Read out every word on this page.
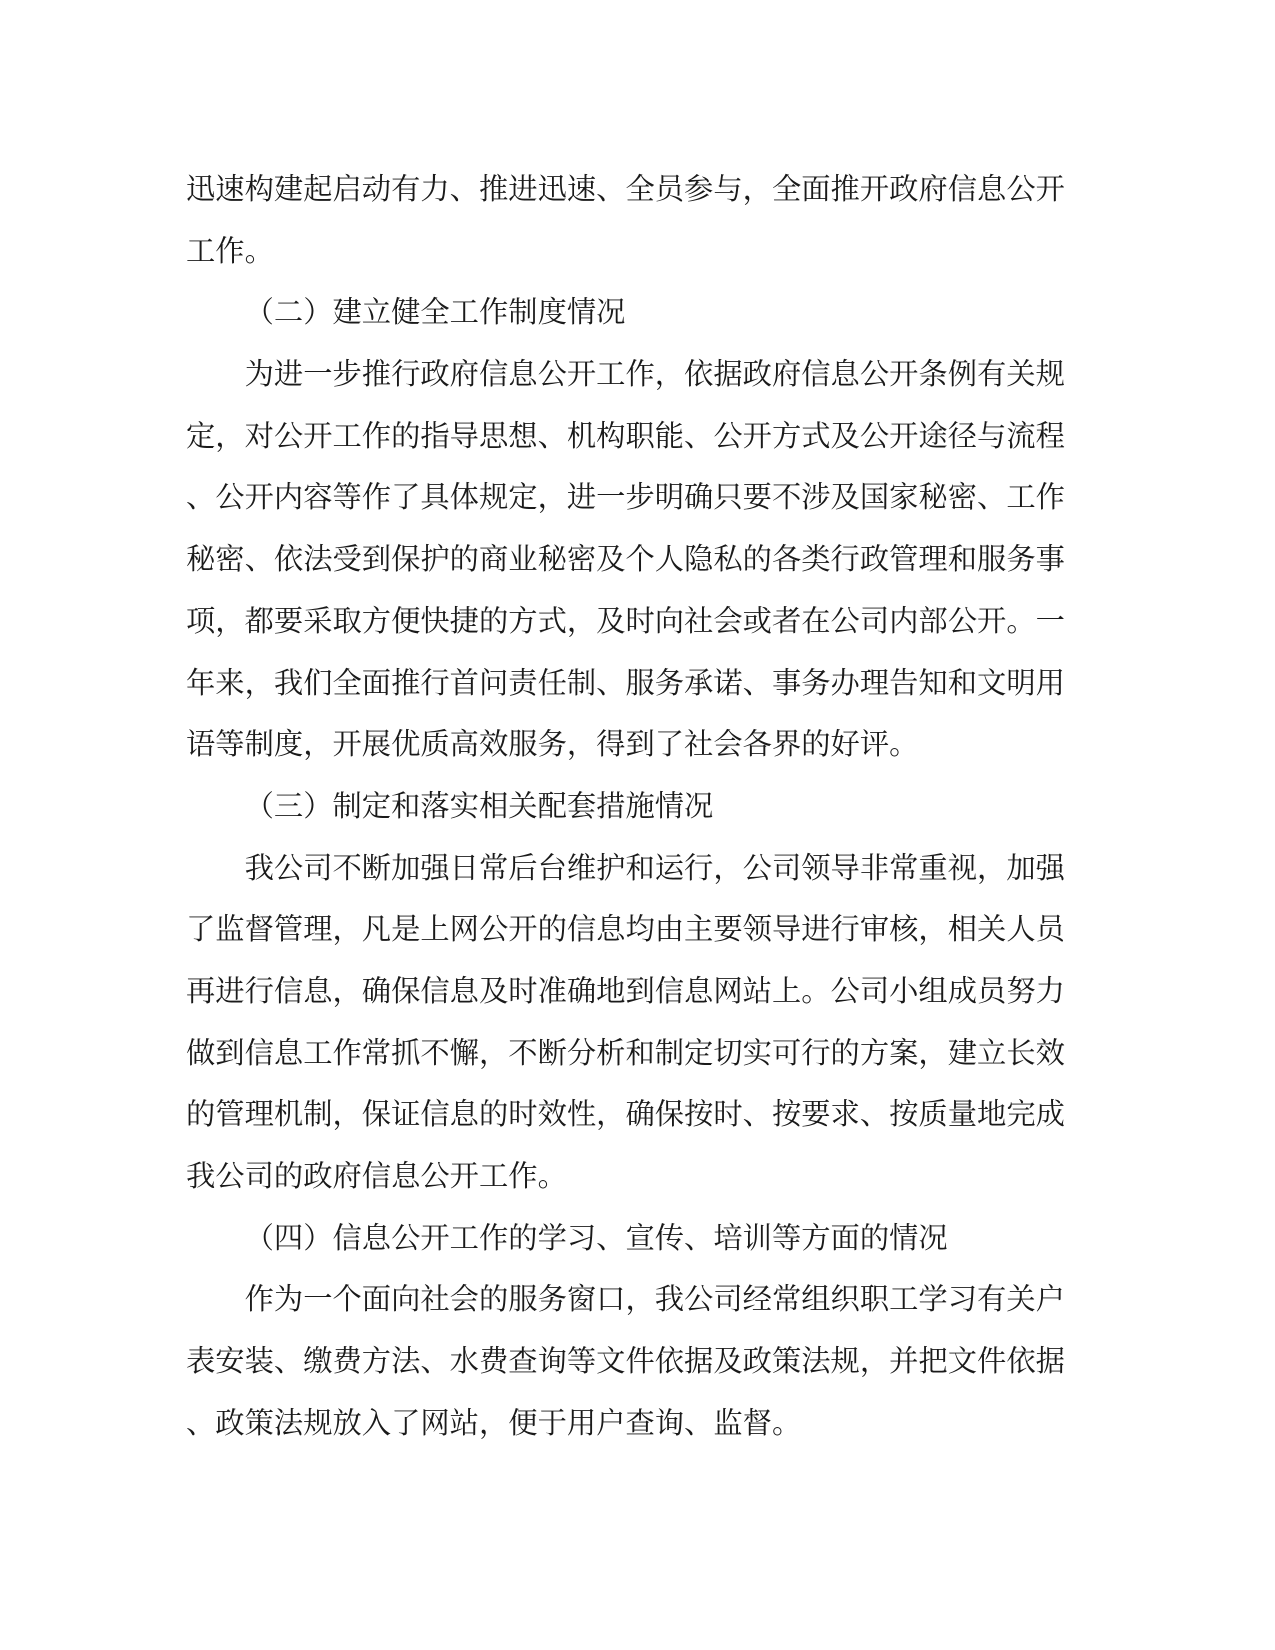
迅速构建起启动有力、推进迅速、全员参与，全面推开政府信息公开
工作。
（二）建立健全工作制度情况
为进一步推行政府信息公开工作，依据政府信息公开条例有关规
定，对公开工作的指导思想、机构职能、公开方式及公开途径与流程
、公开内容等作了具体规定，进一步明确只要不涉及国家秘密、工作
秘密、依法受到保护的商业秘密及个人隐私的各类行政管理和服务事
项，都要采取方便快捷的方式，及时向社会或者在公司内部公开。一
年来，我们全面推行首问责任制、服务承诺、事务办理告知和文明用
语等制度，开展优质高效服务，得到了社会各界的好评。
（三）制定和落实相关配套措施情况
我公司不断加强日常后台维护和运行，公司领导非常重视，加强
了监督管理，凡是上网公开的信息均由主要领导进行审核，相关人员
再进行信息，确保信息及时准确地到信息网站上。公司小组成员努力
做到信息工作常抓不懈，不断分析和制定切实可行的方案，建立长效
的管理机制，保证信息的时效性，确保按时、按要求、按质量地完成
我公司的政府信息公开工作。
（四）信息公开工作的学习、宣传、培训等方面的情况
作为一个面向社会的服务窗口，我公司经常组织职工学习有关户
表安装、缴费方法、水费查询等文件依据及政策法规，并把文件依据
、政策法规放入了网站，便于用户查询、监督。
